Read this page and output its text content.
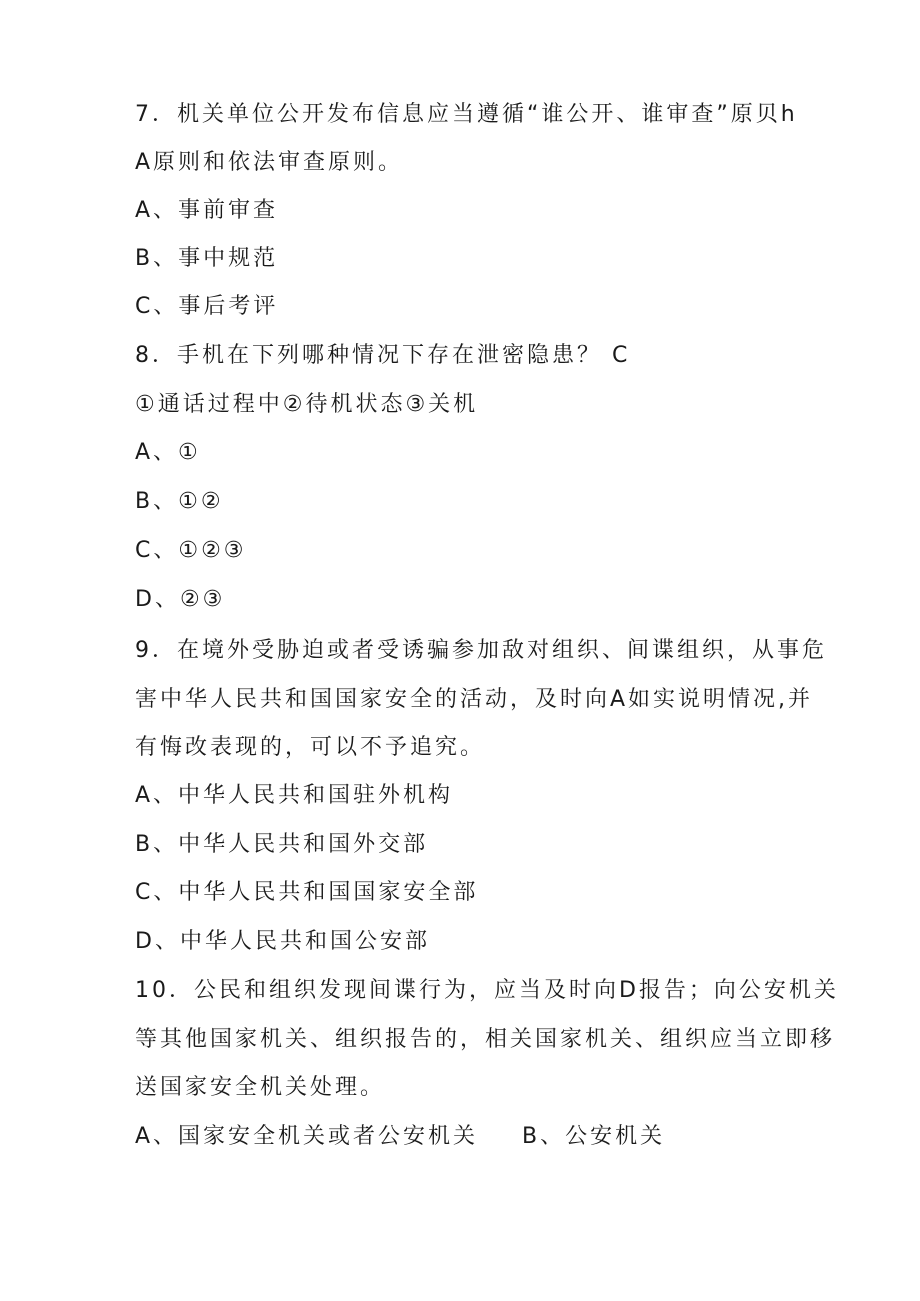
7．机关单位公开发布信息应当遵循“谁公开、谁审查”原贝h
A原则和依法审查原则。
A、事前审查
B、事中规范
C、事后考评
8．手机在下列哪种情况下存在泄密隐患？ C
①通话过程中②待机状态③关机
A、①
B、①②
C、①②③
D、②③
9．在境外受胁迫或者受诱骗参加敌对组织、间谍组织，从事危
害中华人民共和国国家安全的活动，及时向A如实说明情况,并
有悔改表现的，可以不予追究。
A、中华人民共和国驻外机构
B、中华人民共和国外交部
C、中华人民共和国国家安全部
D、中华人民共和国公安部
10．公民和组织发现间谍行为，应当及时向D报告；向公安机关
等其他国家机关、组织报告的，相关国家机关、组织应当立即移
送国家安全机关处理。
A、国家安全机关或者公安机关 B、公安机关
